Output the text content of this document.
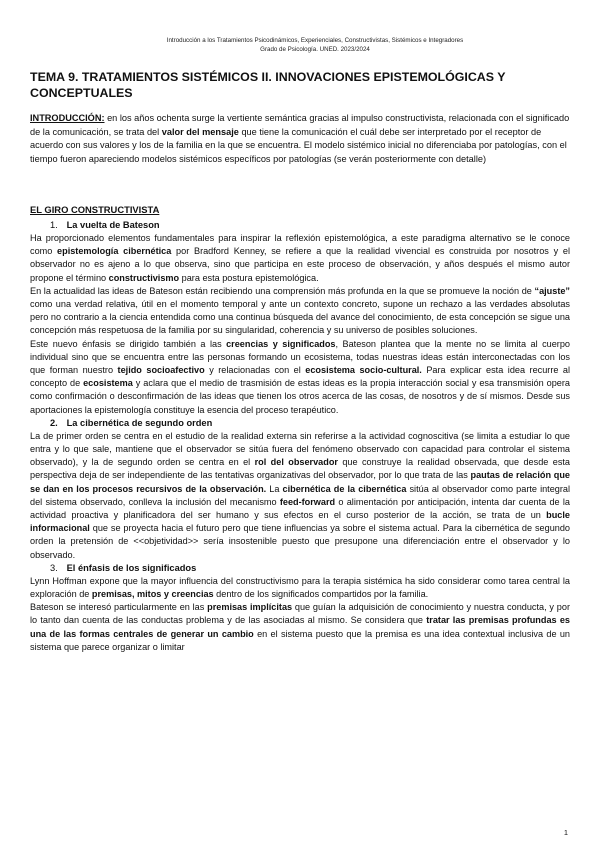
Introducción a los Tratamientos Psicodinámicos, Experienciales, Constructivistas, Sistémicos e Integradores
Grado de Psicología. UNED. 2023/2024
TEMA 9. TRATAMIENTOS SISTÉMICOS II. INNOVACIONES EPISTEMOLÓGICAS Y CONCEPTUALES

INTRODUCCIÓN: en los años ochenta surge la vertiente semántica gracias al impulso constructivista, relacionada con el significado de la comunicación, se trata del valor del mensaje que tiene la comunicación el cuál debe ser interpretado por el receptor de acuerdo con sus valores y los de la familia en la que se encuentra. El modelo sistémico inicial no diferenciaba por patologías, con el tiempo fueron apareciendo modelos sistémicos específicos por patologías (se verán posteriormente con detalle)

EL GIRO CONSTRUCTIVISTA

1. La vuelta de Bateson

Ha proporcionado elementos fundamentales para inspirar la reflexión epistemológica, a este paradigma alternativo se le conoce como epistemología cibernética por Bradford Kenney, se refiere a que la realidad vivencial es construida por nosotros y el observador no es ajeno a lo que observa, sino que participa en este proceso de observación, y años después el mismo autor propone el término constructivismo para esta postura epistemológica.

En la actualidad las ideas de Bateson están recibiendo una comprensión más profunda en la que se promueve la noción de “ajuste” como una verdad relativa, útil en el momento temporal y ante un contexto concreto, supone un rechazo a las verdades absolutas pero no contrario a la ciencia entendida como una continua búsqueda del avance del conocimiento, de esta concepción se sigue una concepción más respetuosa de la familia por su singularidad, coherencia y su universo de posibles soluciones.

Este nuevo énfasis se dirigido también a las creencias y significados, Bateson plantea que la mente no se limita al cuerpo individual sino que se encuentra entre las personas formando un ecosistema, todas nuestras ideas están interconectadas con los que forman nuestro tejido socioafectivo y relacionadas con el ecosistema socio-cultural. Para explicar esta idea recurre al concepto de ecosistema y aclara que el medio de trasmisión de estas ideas es la propia interacción social y esa transmisión opera como confirmación o desconfirmación de las ideas que tienen los otros acerca de las cosas, de nosotros y de sí mismos. Desde sus aportaciones la epistemología constituye la esencia del proceso terapéutico.

2. La cibernética de segundo orden

La de primer orden se centra en el estudio de la realidad externa sin referirse a la actividad cognoscitiva (se limita a estudiar lo que entra y lo que sale, mantiene que el observador se sitúa fuera del fenómeno observado con capacidad para controlar el sistema observado), y la de segundo orden se centra en el rol del observador que construye la realidad observada, que desde esta perspectiva deja de ser independiente de las tentativas organizativas del observador, por lo que trata de las pautas de relación que se dan en los procesos recursivos de la observación. La cibernética de la cibernética sitúa al observador como parte integral del sistema observado, conlleva la inclusión del mecanismo feed-forward o alimentación por anticipación, intenta dar cuenta de la actividad proactiva y planificadora del ser humano y sus efectos en el curso posterior de la acción, se trata de un bucle informacional que se proyecta hacia el futuro pero que tiene influencias ya sobre el sistema actual. Para la cibernética de segundo orden la pretensión de <<objetividad>> sería insostenible puesto que presupone una diferenciación entre el observador y lo observado.

3. El énfasis de los significados

Lynn Hoffman expone que la mayor influencia del constructivismo para la terapia sistémica ha sido considerar como tarea central la exploración de premisas, mitos y creencias dentro de los significados compartidos por la familia.

Bateson se interesó particularmente en las premisas implícitas que guían la adquisición de conocimiento y nuestra conducta, y por lo tanto dan cuenta de las conductas problema y de las asociadas al mismo. Se considera que tratar las premisas profundas es una de las formas centrales de generar un cambio en el sistema puesto que la premisa es una idea contextual inclusiva de un sistema que parece organizar o limitar

1
